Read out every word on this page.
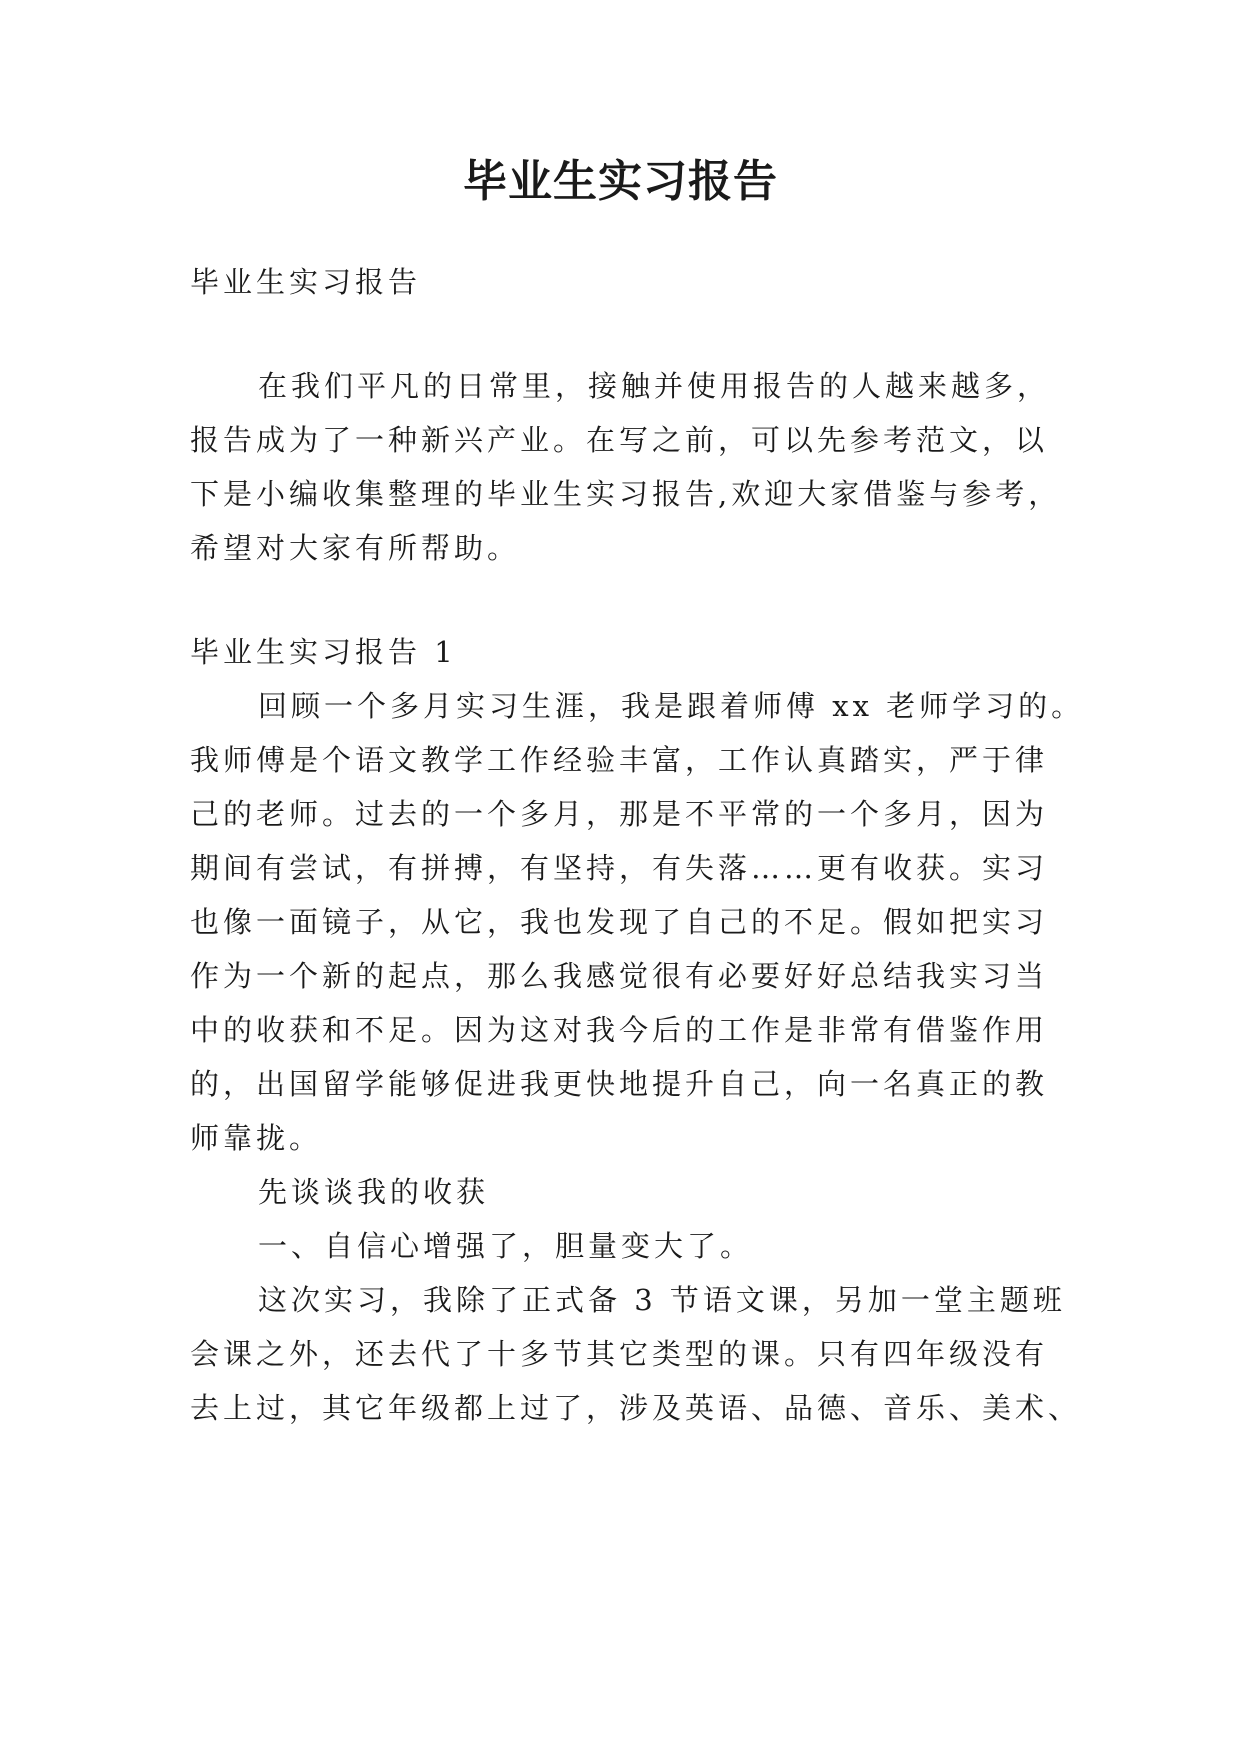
毕业生实习报告
毕业生实习报告
在我们平凡的日常里，接触并使用报告的人越来越多，
报告成为了一种新兴产业。在写之前，可以先参考范文，以
下是小编收集整理的毕业生实习报告,欢迎大家借鉴与参考，
希望对大家有所帮助。
毕业生实习报告 1
回顾一个多月实习生涯，我是跟着师傅 xx 老师学习的。
我师傅是个语文教学工作经验丰富，工作认真踏实，严于律
己的老师。过去的一个多月，那是不平常的一个多月，因为
期间有尝试，有拼搏，有坚持，有失落……更有收获。实习
也像一面镜子，从它，我也发现了自己的不足。假如把实习
作为一个新的起点，那么我感觉很有必要好好总结我实习当
中的收获和不足。因为这对我今后的工作是非常有借鉴作用
的，出国留学能够促进我更快地提升自己，向一名真正的教
师靠拢。
先谈谈我的收获
一、自信心增强了，胆量变大了。
这次实习，我除了正式备 3 节语文课，另加一堂主题班
会课之外，还去代了十多节其它类型的课。只有四年级没有
去上过，其它年级都上过了，涉及英语、品德、音乐、美术、
